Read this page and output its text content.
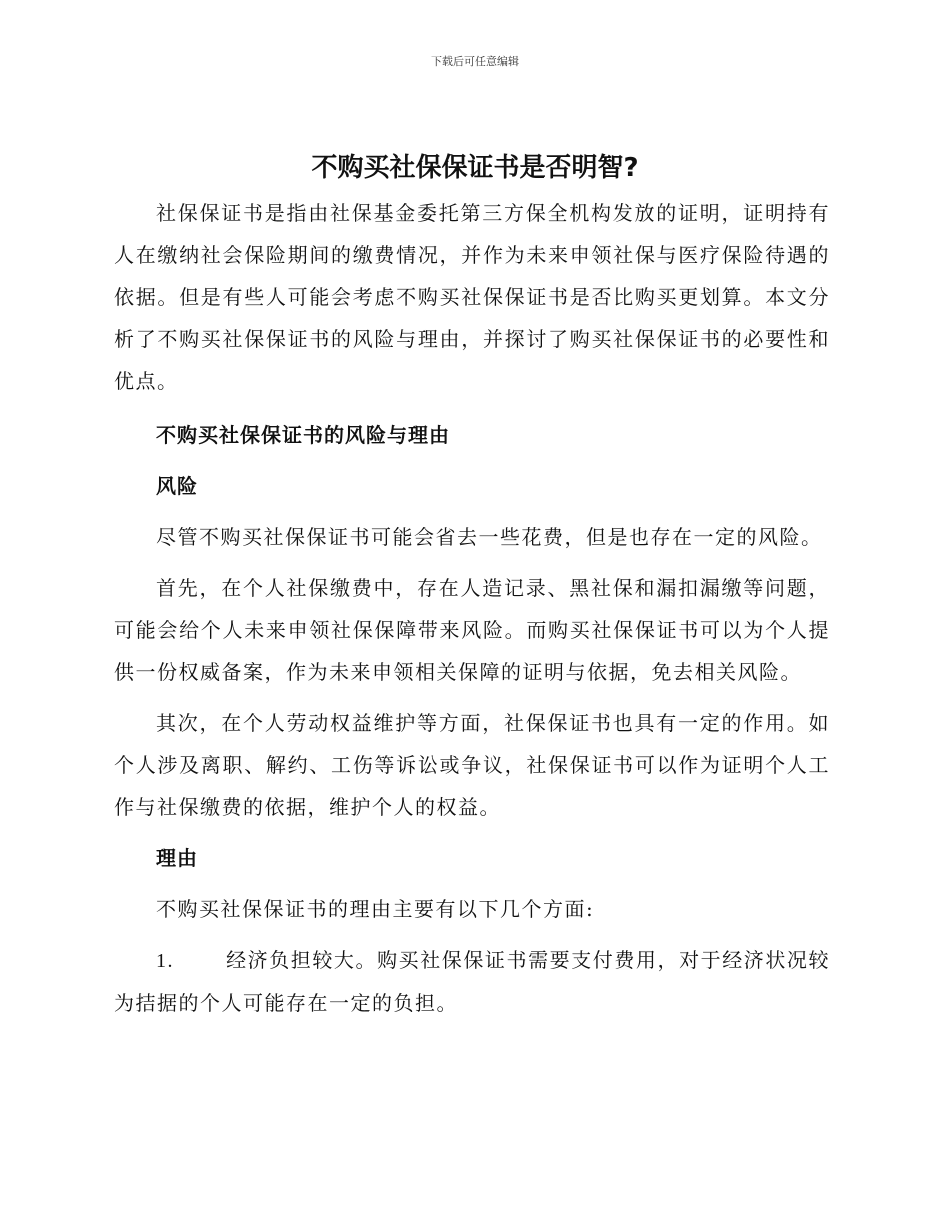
下载后可任意编辑
不购买社保保证书是否明智?

社保保证书是指由社保基金委托第三方保全机构发放的证明，证明持有人在缴纳社会保险期间的缴费情况，并作为未来申领社保与医疗保险待遇的依据。但是有些人可能会考虑不购买社保保证书是否比购买更划算。本文分析了不购买社保保证书的风险与理由，并探讨了购买社保保证书的必要性和优点。

不购买社保保证书的风险与理由

风险

尽管不购买社保保证书可能会省去一些花费，但是也存在一定的风险。

首先，在个人社保缴费中，存在人造记录、黑社保和漏扣漏缴等问题，可能会给个人未来申领社保保障带来风险。而购买社保保证书可以为个人提供一份权威备案，作为未来申领相关保障的证明与依据，免去相关风险。

其次，在个人劳动权益维护等方面，社保保证书也具有一定的作用。如个人涉及离职、解约、工伤等诉讼或争议，社保保证书可以作为证明个人工作与社保缴费的依据，维护个人的权益。

理由

不购买社保保证书的理由主要有以下几个方面:

1.	经济负担较大。购买社保保证书需要支付费用，对于经济状况较为拮据的个人可能存在一定的负担。
